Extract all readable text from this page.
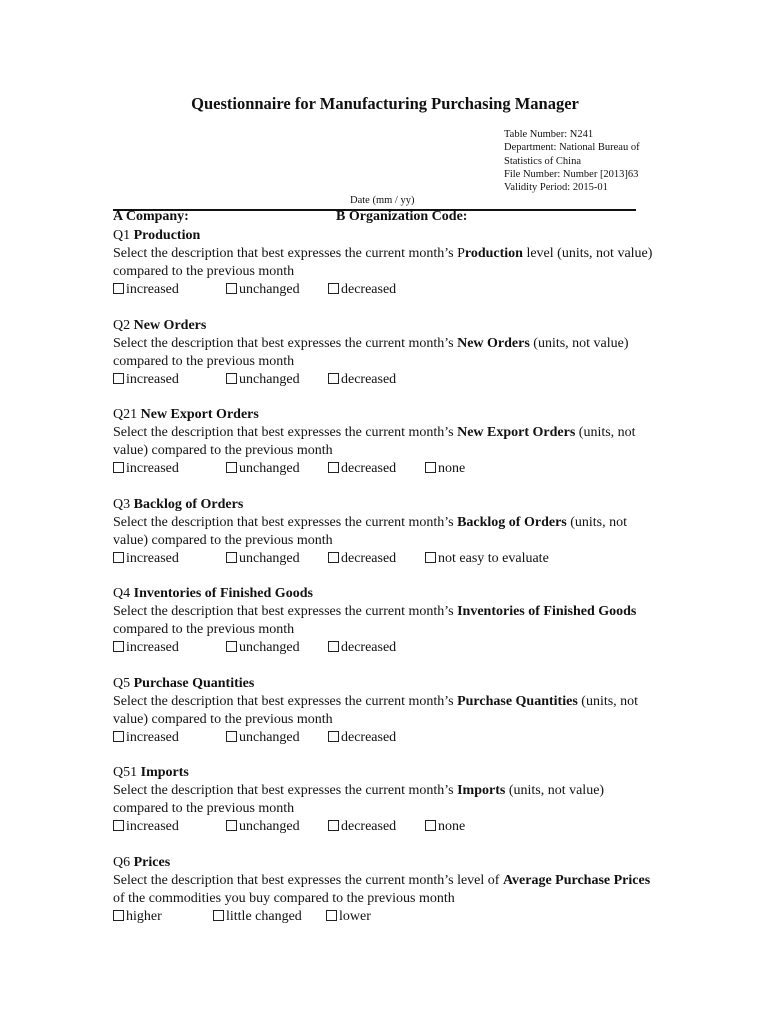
Questionnaire for Manufacturing Purchasing Manager
Table Number: N241
Department: National Bureau of Statistics of China
File Number: Number [2013]63
Validity Period: 2015-01
Date (mm / yy)
A Company:	B Organization Code:
Q1 Production
Select the description that best expresses the current month’s Production level (units, not value) compared to the previous month
increased	unchanged	decreased
Q2 New Orders
Select the description that best expresses the current month’s New Orders (units, not value) compared to the previous month
increased	unchanged	decreased
Q21 New Export Orders
Select the description that best expresses the current month’s New Export Orders (units, not value) compared to the previous month
increased	unchanged	decreased	none
Q3 Backlog of Orders
Select the description that best expresses the current month’s Backlog of Orders (units, not value) compared to the previous month
increased	unchanged	decreased	not easy to evaluate
Q4 Inventories of Finished Goods
Select the description that best expresses the current month’s Inventories of Finished Goods compared to the previous month
increased	unchanged	decreased
Q5 Purchase Quantities
Select the description that best expresses the current month’s Purchase Quantities (units, not value) compared to the previous month
increased	unchanged	decreased
Q51 Imports
Select the description that best expresses the current month’s Imports (units, not value) compared to the previous month
increased	unchanged	decreased	none
Q6 Prices
Select the description that best expresses the current month’s level of Average Purchase Prices of the commodities you buy compared to the previous month
higher	little changed	lower
